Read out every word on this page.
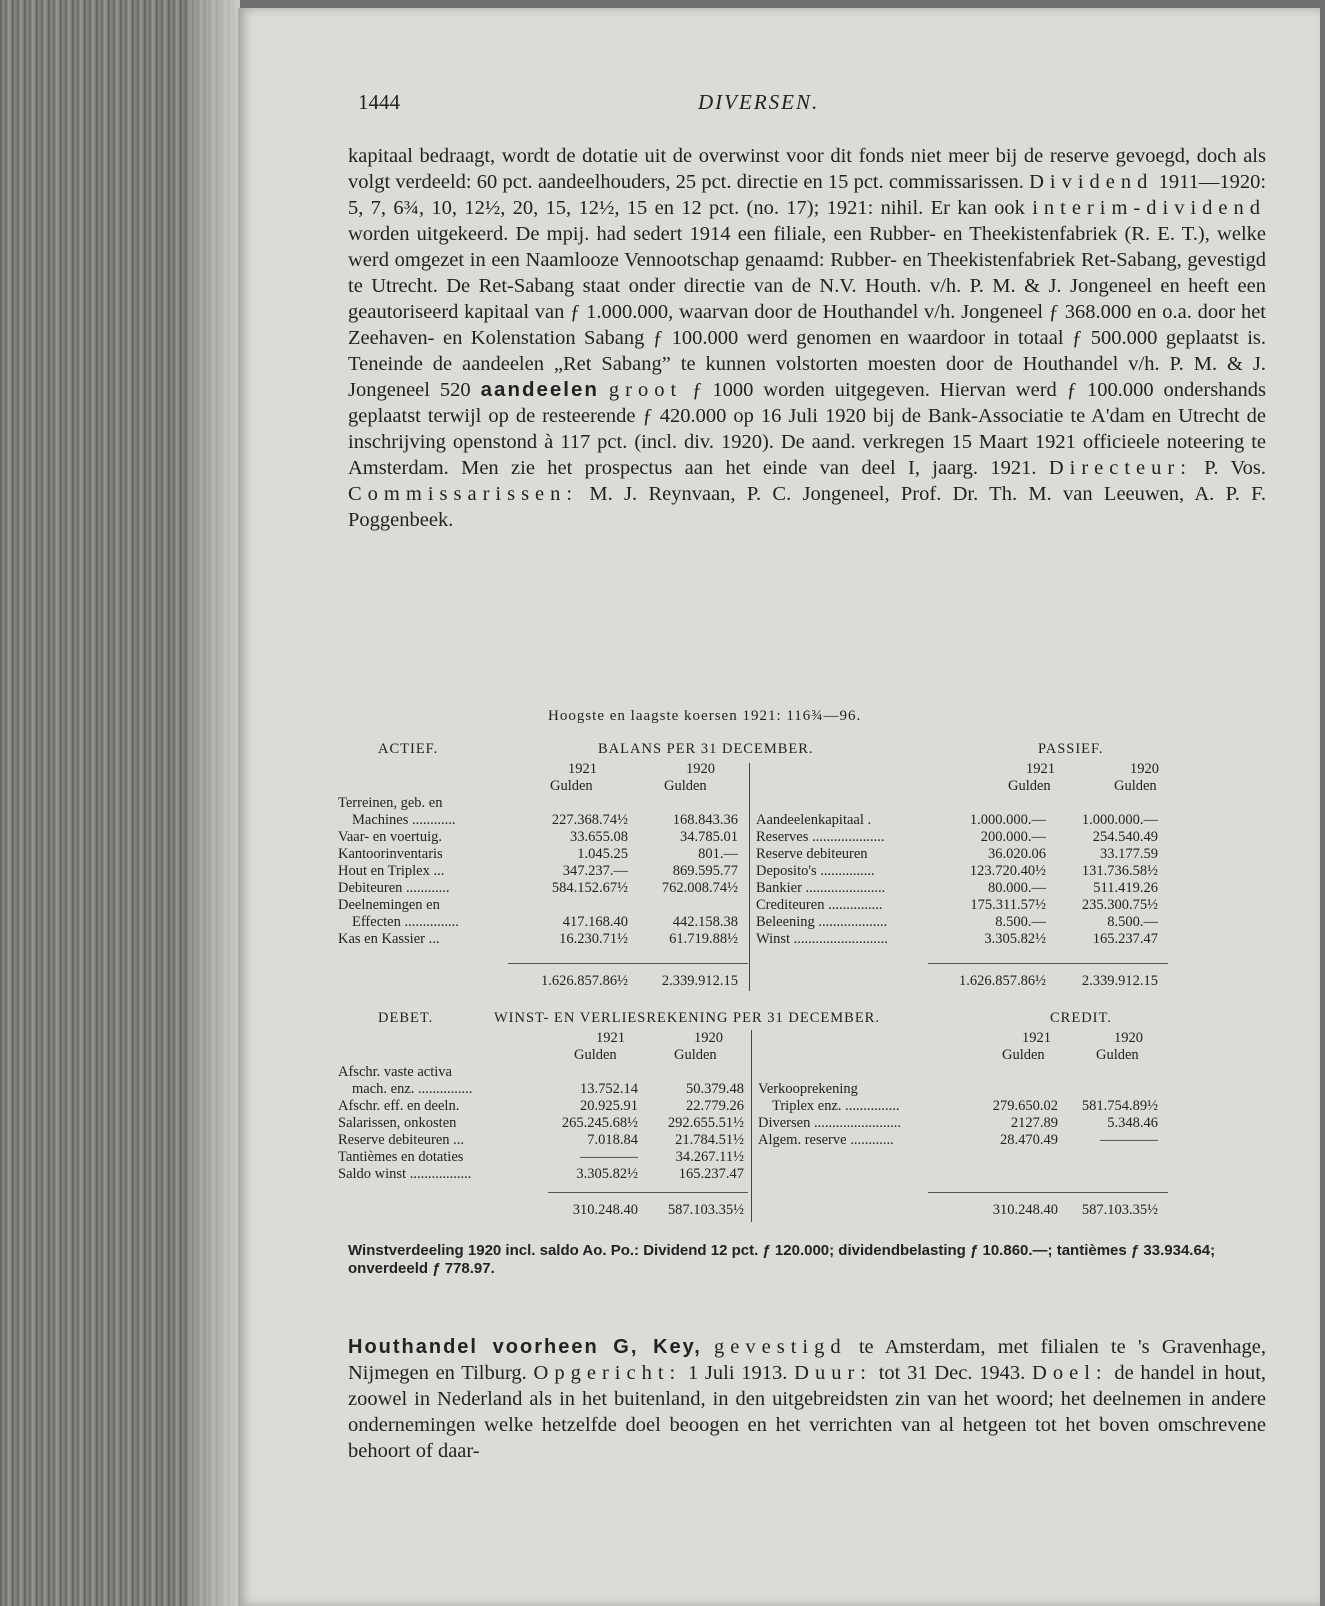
1444	DIVERSEN.
kapitaal bedraagt, wordt de dotatie uit de overwinst voor dit fonds niet meer bij de reserve gevoegd, doch als volgt verdeeld: 60 pct. aandeelhouders, 25 pct. directie en 15 pct. commissarissen. Dividend 1911—1920: 5, 7, 6¾, 10, 12½, 20, 15, 12½, 15 en 12 pct. (no. 17); 1921: nihil. Er kan ook interim-dividend worden uitgekeerd. De mpij. had sedert 1914 een filiale, een Rubber- en Theekistenfabriek (R. E. T.), welke werd omgezet in een Naamlooze Vennootschap genaamd: Rubber- en Theekistenfabriek Ret-Sabang, gevestigd te Utrecht. De Ret-Sabang staat onder directie van de N.V. Houth. v/h. P. M. & J. Jongeneel en heeft een geautoriseerd kapitaal van ƒ 1.000.000, waarvan door de Houthandel v/h. Jongeneel ƒ 368.000 en o.a. door het Zeehaven- en Kolenstation Sabang ƒ 100.000 werd genomen en waardoor in totaal ƒ 500.000 geplaatst is. Teneinde de aandeelen „Ret Sabang” te kunnen volstorten moesten door de Houthandel v/h. P. M. & J. Jongeneel 520 aandeelen groot ƒ 1000 worden uitgegeven. Hiervan werd ƒ 100.000 ondershands geplaatst terwijl op de resteerende ƒ 420.000 op 16 Juli 1920 bij de Bank-Associatie te A'dam en Utrecht de inschrijving openstond à 117 pct. (incl. div. 1920). De aand. verkregen 15 Maart 1921 officieele noteering te Amsterdam. Men zie het prospectus aan het einde van deel I, jaarg. 1921. Directeur: P. Vos. Commissarissen: M. J. Reynvaan, P. C. Jongeneel, Prof. Dr. Th. M. van Leeuwen, A. P. F. Poggenbeek.
Hoogste en laagste koersen 1921: 116¾—96.
ACTIEF.	BALANS PER 31 DECEMBER.	PASSIEF.
1921	1920
Gulden	Gulden
1921	1920
Gulden	Gulden
Terreinen, geb. en
Machines ............	227.368.74½	168.843.36
Vaar- en voertuig.	33.655.08	34.785.01
Kantoorinventaris	1.045.25	801.—
Hout en Triplex ...	347.237.—	869.595.77
Debiteuren ............	584.152.67½	762.008.74½
Deelnemingen en
Effecten ...............	417.168.40	442.158.38
Kas en Kassier ...	16.230.71½	61.719.88½
1.626.857.86½	2.339.912.15
Aandeelenkapitaal .	1.000.000.—	1.000.000.—
Reserves ....................	200.000.—	254.540.49
Reserve debiteuren	36.020.06	33.177.59
Deposito's ...............	123.720.40½	131.736.58½
Bankier ......................	80.000.—	511.419.26
Crediteuren ...............	175.311.57½	235.300.75½
Beleening ...................	8.500.—	8.500.—
Winst ..........................	3.305.82½	165.237.47
1.626.857.86½	2.339.912.15
DEBET.	WINST- EN VERLIESREKENING PER 31 DECEMBER.	CREDIT.
1921	1920
Gulden	Gulden
1921	1920
Gulden	Gulden
Afschr. vaste activa
mach. enz. ...............	13.752.14	50.379.48
Afschr. eff. en deeln.	20.925.91	22.779.26
Salarissen, onkosten	265.245.68½	292.655.51½
Reserve debiteuren ...	7.018.84	21.784.51½
Tantièmes en dotaties	————	34.267.11½
Saldo winst .................	3.305.82½	165.237.47
310.248.40	587.103.35½
Verkooprekening
Triplex enz. ...............	279.650.02	581.754.89½
Diversen ........................	2127.89	5.348.46
Algem. reserve ............	28.470.49	————
310.248.40	587.103.35½
Winstverdeeling 1920 incl. saldo Ao. Po.: Dividend 12 pct. ƒ 120.000; dividendbelasting ƒ 10.860.—; tantièmes ƒ 33.934.64; onverdeeld ƒ 778.97.
Houthandel voorheen G, Key, gevestigd te Amsterdam, met filialen te 's Gravenhage, Nijmegen en Tilburg. Opgericht: 1 Juli 1913. Duur: tot 31 Dec. 1943. Doel: de handel in hout, zoowel in Nederland als in het buitenland, in den uitgebreidsten zin van het woord; het deelnemen in andere ondernemingen welke hetzelfde doel beoogen en het verrichten van al hetgeen tot het boven omschrevene behoort of daar-
